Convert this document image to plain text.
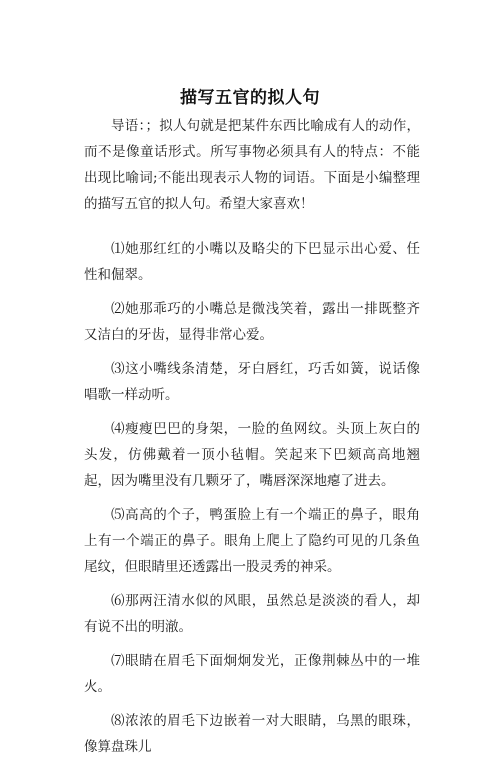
描写五官的拟人句

导语：；拟人句就是把某件东西比喻成有人的动作，而不是像童话形式。所写事物必须具有人的特点：不能出现比喻词;不能出现表示人物的词语。下面是小编整理的描写五官的拟人句。希望大家喜欢！

⑴她那红红的小嘴以及略尖的下巴显示出心爱、任性和倔翠。

⑵她那乖巧的小嘴总是微浅笑着，露出一排既整齐又洁白的牙齿，显得非常心爱。

⑶这小嘴线条清楚，牙白唇红，巧舌如簧，说话像唱歌一样动听。

⑷瘦瘦巴巴的身架，一脸的鱼网纹。头顶上灰白的头发，仿佛戴着一顶小毡帽。笑起来下巴颏高高地翘起，因为嘴里没有几颗牙了，嘴唇深深地瘪了进去。

⑸高高的个子，鸭蛋脸上有一个端正的鼻子，眼角上有一个端正的鼻子。眼角上爬上了隐约可见的几条鱼尾纹，但眼睛里还透露出一股灵秀的神采。

⑹那两汪清水似的风眼，虽然总是淡淡的看人，却有说不出的明澈。

⑺眼睛在眉毛下面炯炯发光，正像荆棘丛中的一堆火。

⑻浓浓的眉毛下边嵌着一对大眼睛，乌黑的眼珠，像算盘珠儿
